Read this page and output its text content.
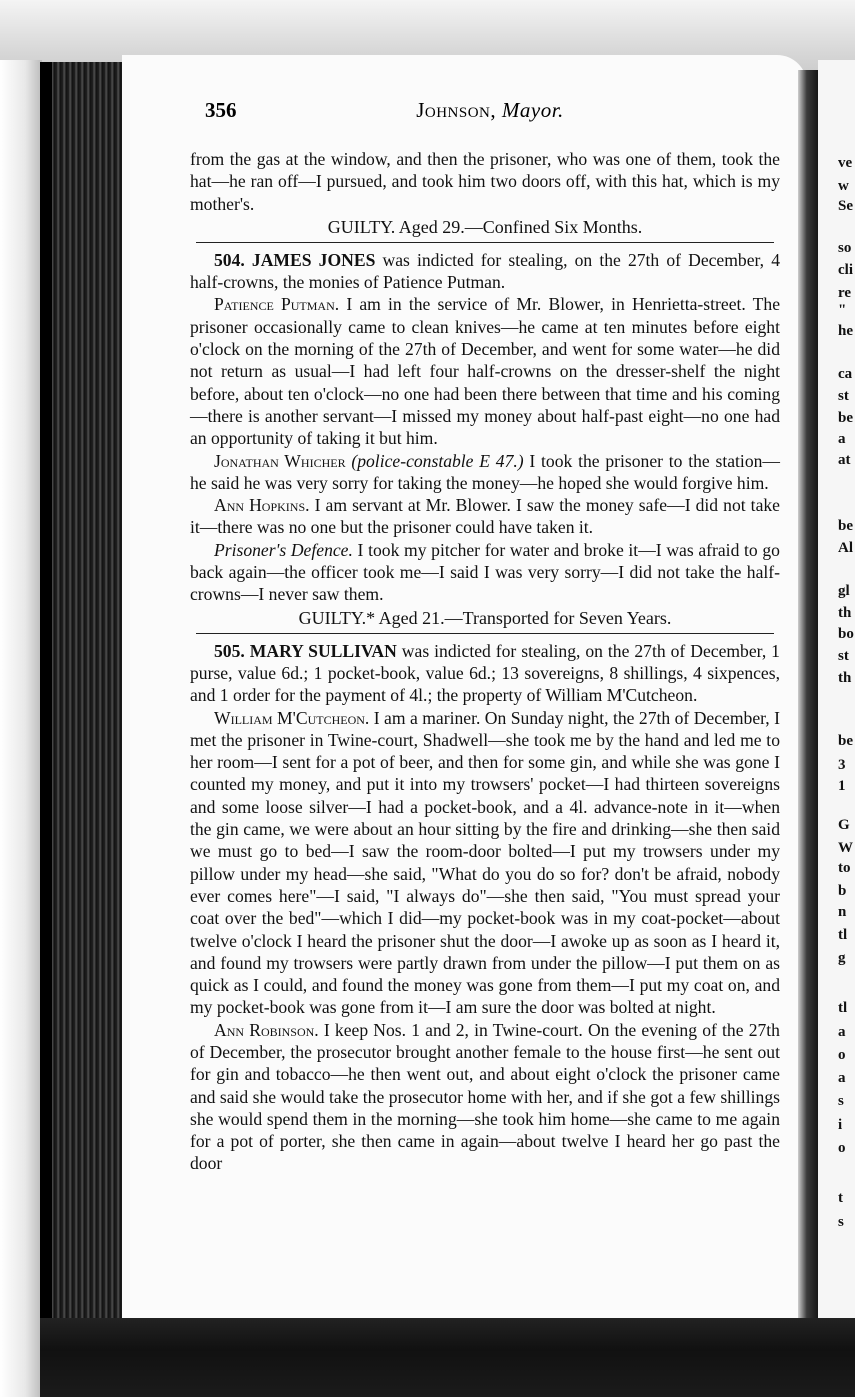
ve
w
Se
so
cli
re
"
he
ca
st
be
a
at
be
Al
gl
th
bo
st
th
be
3
1
G
W
to
b
n
tl
g
tl
a
o
a
s
i
o
t
s
356	Johnson, Mayor.

from the gas at the window, and then the prisoner, who was one of them, took the hat—he ran off—I pursued, and took him two doors off, with this hat, which is my mother's.

GUILTY. Aged 29.—Confined Six Months.

504. JAMES JONES was indicted for stealing, on the 27th of December, 4 half-crowns, the monies of Patience Putman.

Patience Putman. I am in the service of Mr. Blower, in Henrietta-street. The prisoner occasionally came to clean knives—he came at ten minutes before eight o'clock on the morning of the 27th of December, and went for some water—he did not return as usual—I had left four half-crowns on the dresser-shelf the night before, about ten o'clock—no one had been there between that time and his coming—there is another servant—I missed my money about half-past eight—no one had an opportunity of taking it but him.

Jonathan Whicher (police-constable E 47.) I took the prisoner to the station—he said he was very sorry for taking the money—he hoped she would forgive him.

Ann Hopkins. I am servant at Mr. Blower. I saw the money safe—I did not take it—there was no one but the prisoner could have taken it.

Prisoner's Defence. I took my pitcher for water and broke it—I was afraid to go back again—the officer took me—I said I was very sorry—I did not take the half-crowns—I never saw them.

GUILTY.* Aged 21.—Transported for Seven Years.

505. MARY SULLIVAN was indicted for stealing, on the 27th of December, 1 purse, value 6d.; 1 pocket-book, value 6d.; 13 sovereigns, 8 shillings, 4 sixpences, and 1 order for the payment of 4l.; the property of William M'Cutcheon.

William M'Cutcheon. I am a mariner. On Sunday night, the 27th of December, I met the prisoner in Twine-court, Shadwell—she took me by the hand and led me to her room—I sent for a pot of beer, and then for some gin, and while she was gone I counted my money, and put it into my trowsers' pocket—I had thirteen sovereigns and some loose silver—I had a pocket-book, and a 4l. advance-note in it—when the gin came, we were about an hour sitting by the fire and drinking—she then said we must go to bed—I saw the room-door bolted—I put my trowsers under my pillow under my head—she said, "What do you do so for? don't be afraid, nobody ever comes here"—I said, "I always do"—she then said, "You must spread your coat over the bed"—which I did—my pocket-book was in my coat-pocket—about twelve o'clock I heard the prisoner shut the door—I awoke up as soon as I heard it, and found my trowsers were partly drawn from under the pillow—I put them on as quick as I could, and found the money was gone from them—I put my coat on, and my pocket-book was gone from it—I am sure the door was bolted at night.

Ann Robinson. I keep Nos. 1 and 2, in Twine-court. On the evening of the 27th of December, the prosecutor brought another female to the house first—he sent out for gin and tobacco—he then went out, and about eight o'clock the prisoner came and said she would take the prosecutor home with her, and if she got a few shillings she would spend them in the morning—she took him home—she came to me again for a pot of porter, she then came in again—about twelve I heard her go past the door
